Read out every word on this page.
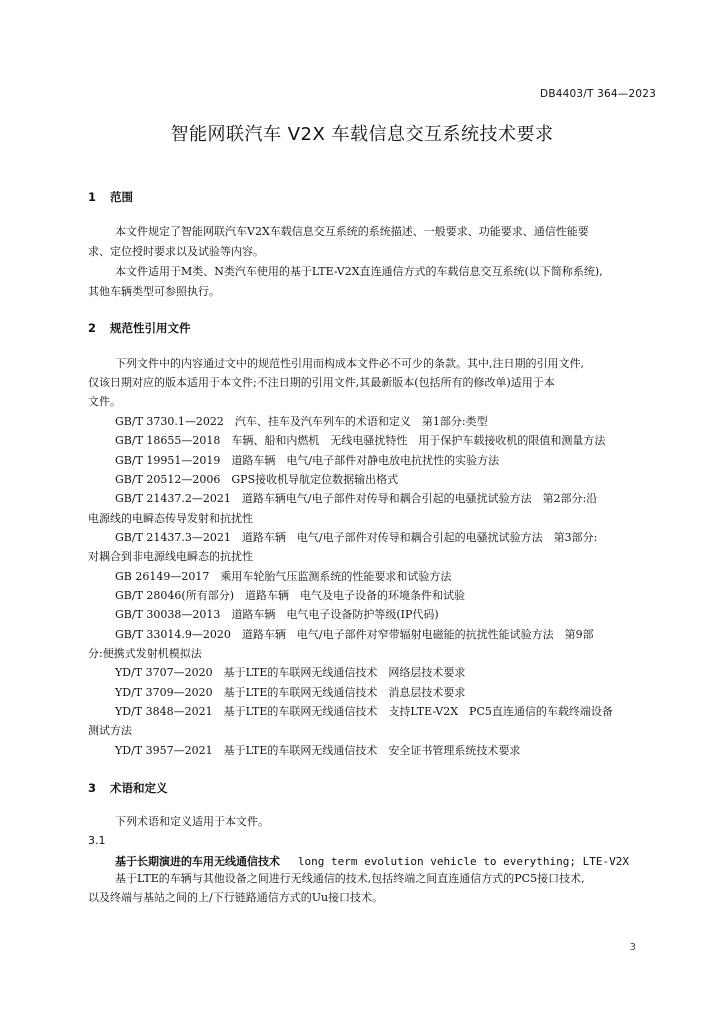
DB4403/T 364—2023
智能网联汽车 V2X 车载信息交互系统技术要求
1 范围
本文件规定了智能网联汽车V2X车载信息交互系统的系统描述、一般要求、功能要求、通信性能要
求、定位授时要求以及试验等内容。
本文件适用于M类、N类汽车使用的基于LTE-V2X直连通信方式的车载信息交互系统(以下简称系统),
其他车辆类型可参照执行。
2 规范性引用文件
下列文件中的内容通过文中的规范性引用而构成本文件必不可少的条款。其中,注日期的引用文件,
仅该日期对应的版本适用于本文件;不注日期的引用文件,其最新版本(包括所有的修改单)适用于本
文件。
GB/T 3730.1—2022　汽车、挂车及汽车列车的术语和定义　第1部分:类型
GB/T 18655—2018　车辆、船和内燃机　无线电骚扰特性　用于保护车载接收机的限值和测量方法
GB/T 19951—2019　道路车辆　电气/电子部件对静电放电抗扰性的实验方法
GB/T 20512—2006　GPS接收机导航定位数据输出格式
GB/T 21437.2—2021　道路车辆电气/电子部件对传导和耦合引起的电骚扰试验方法　第2部分:沿
电源线的电瞬态传导发射和抗扰性
GB/T 21437.3—2021　道路车辆　电气/电子部件对传导和耦合引起的电骚扰试验方法　第3部分:
对耦合到非电源线电瞬态的抗扰性
GB 26149—2017　乘用车轮胎气压监测系统的性能要求和试验方法
GB/T 28046(所有部分)　道路车辆　电气及电子设备的环境条件和试验
GB/T 30038—2013　道路车辆　电气电子设备防护等级(IP代码)
GB/T 33014.9—2020　道路车辆　电气/电子部件对窄带辐射电磁能的抗扰性能试验方法　第9部
分:便携式发射机模拟法
YD/T 3707—2020　基于LTE的车联网无线通信技术　网络层技术要求
YD/T 3709—2020　基于LTE的车联网无线通信技术　消息层技术要求
YD/T 3848—2021　基于LTE的车联网无线通信技术　支持LTE-V2X　PC5直连通信的车载终端设备
测试方法
YD/T 3957—2021　基于LTE的车联网无线通信技术　安全证书管理系统技术要求
3 术语和定义
下列术语和定义适用于本文件。
3.1
基于长期演进的车用无线通信技术 long term evolution vehicle to everything; LTE-V2X
基于LTE的车辆与其他设备之间进行无线通信的技术,包括终端之间直连通信方式的PC5接口技术,
以及终端与基站之间的上/下行链路通信方式的Uu接口技术。
3
